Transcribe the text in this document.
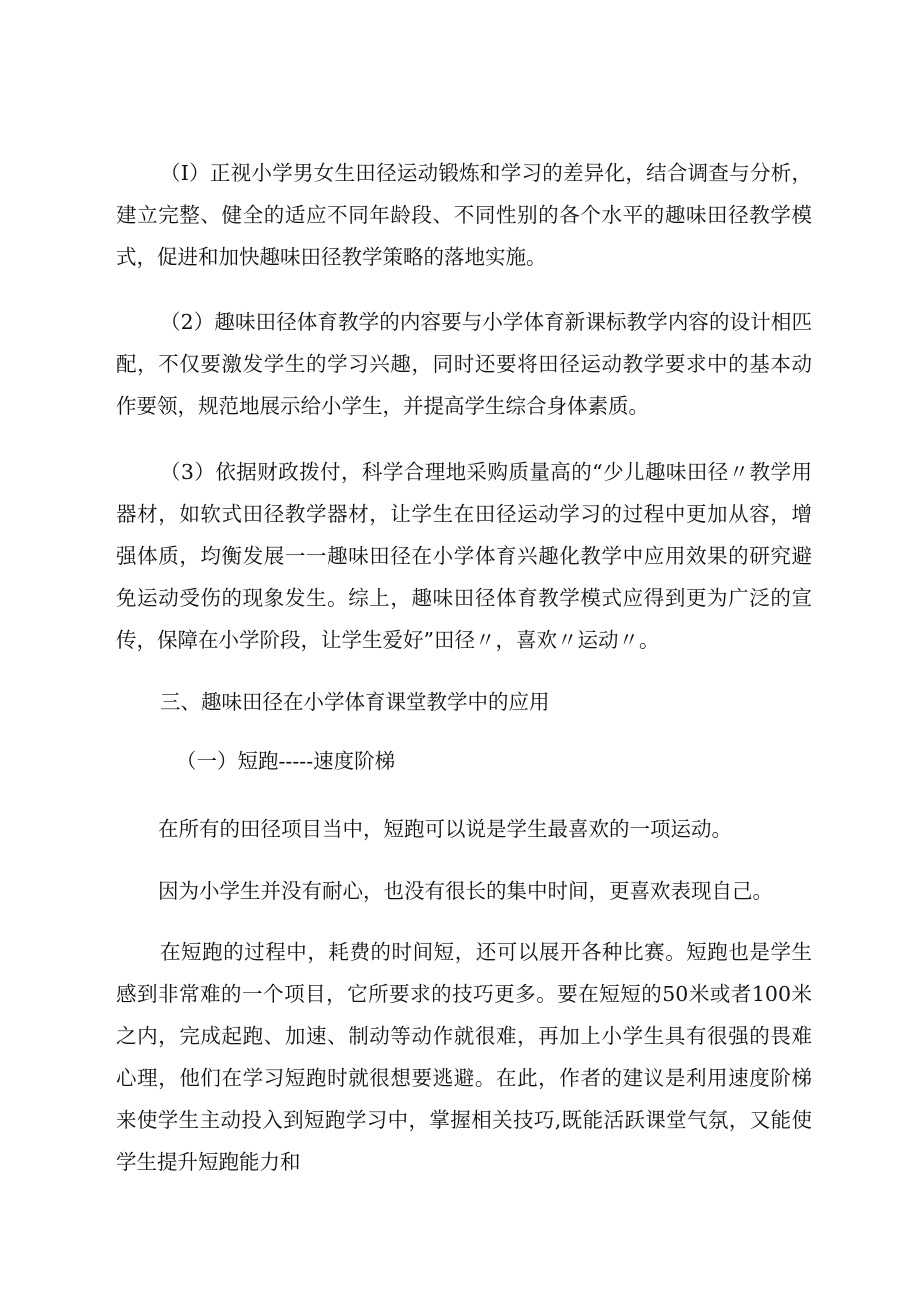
（I）正视小学男女生田径运动锻炼和学习的差异化，结合调查与分析，建立完整、健全的适应不同年龄段、不同性别的各个水平的趣味田径教学模式，促进和加快趣味田径教学策略的落地实施。

（2）趣味田径体育教学的内容要与小学体育新课标教学内容的设计相匹配，不仅要激发学生的学习兴趣，同时还要将田径运动教学要求中的基本动作要领，规范地展示给小学生，并提高学生综合身体素质。

（3）依据财政拨付，科学合理地采购质量高的“少儿趣味田径〃教学用器材，如软式田径教学器材，让学生在田径运动学习的过程中更加从容，增强体质，均衡发展一一趣味田径在小学体育兴趣化教学中应用效果的研究避免运动受伤的现象发生。综上，趣味田径体育教学模式应得到更为广泛的宣传，保障在小学阶段，让学生爱好”田径〃，喜欢〃运动〃。

三、趣味田径在小学体育课堂教学中的应用

（一）短跑-----速度阶梯

在所有的田径项目当中，短跑可以说是学生最喜欢的一项运动。

因为小学生并没有耐心，也没有很长的集中时间，更喜欢表现自己。

在短跑的过程中，耗费的时间短，还可以展开各种比赛。短跑也是学生感到非常难的一个项目，它所要求的技巧更多。要在短短的50米或者100米之内，完成起跑、加速、制动等动作就很难，再加上小学生具有很强的畏难心理，他们在学习短跑时就很想要逃避。在此，作者的建议是利用速度阶梯来使学生主动投入到短跑学习中，掌握相关技巧,既能活跃课堂气氛，又能使学生提升短跑能力和
